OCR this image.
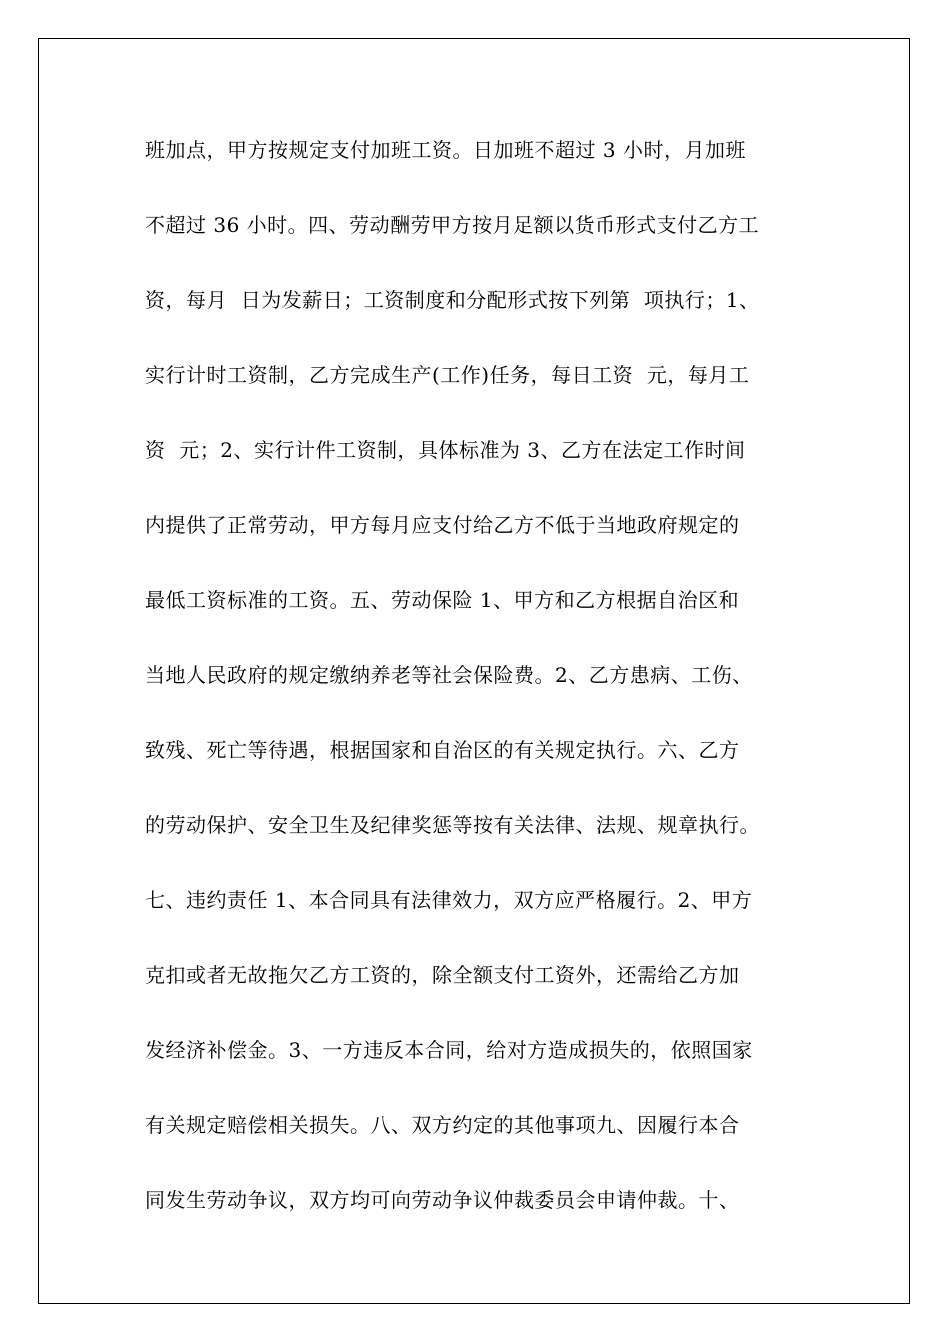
班加点，甲方按规定支付加班工资。日加班不超过 3 小时，月加班
不超过 36 小时。四、劳动酬劳甲方按月足额以货币形式支付乙方工
资，每月  日为发薪日；工资制度和分配形式按下列第  项执行；1、
实行计时工资制，乙方完成生产(工作)任务，每日工资  元，每月工
资  元；2、实行计件工资制，具体标准为 3、乙方在法定工作时间
内提供了正常劳动，甲方每月应支付给乙方不低于当地政府规定的
最低工资标准的工资。五、劳动保险 1、甲方和乙方根据自治区和
当地人民政府的规定缴纳养老等社会保险费。2、乙方患病、工伤、
致残、死亡等待遇，根据国家和自治区的有关规定执行。六、乙方
的劳动保护、安全卫生及纪律奖惩等按有关法律、法规、规章执行。
七、违约责任 1、本合同具有法律效力，双方应严格履行。2、甲方
克扣或者无故拖欠乙方工资的，除全额支付工资外，还需给乙方加
发经济补偿金。3、一方违反本合同，给对方造成损失的，依照国家
有关规定赔偿相关损失。八、双方约定的其他事项九、因履行本合
同发生劳动争议，双方均可向劳动争议仲裁委员会申请仲裁。十、
